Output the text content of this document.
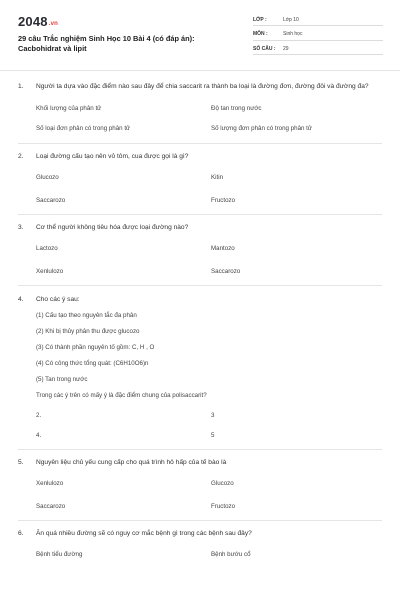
2048.vn
29 câu Trắc nghiệm Sinh Học 10 Bài 4 (có đáp án): Cacbohidrat và lipit
LỚP :	Lớp 10
MÔN :	Sinh học
SỐ CÂU :	29
1.	Người ta dựa vào đặc điểm nào sau đây để chia saccarit ra thành ba loại là đường đơn, đường đôi và đường đa?
Khối lượng của phân tử	Độ tan trong nước
Số loại đơn phân có trong phân tử	Số lượng đơn phân có trong phân tử
2.	Loại đường cấu tạo nên vỏ tôm, cua được gọi là gì?
Glucozo	Kitin
Saccarozo	Fructozo
3.	Cơ thể người không tiêu hóa được loại đường nào?
Lactozo	Mantozo
Xenlulozo	Saccarozo
4.	Cho các ý sau:
(1) Cấu tạo theo nguyên tắc đa phân
(2) Khi bị thủy phân thu được glucozo
(3) Có thành phần nguyên tố gồm: C, H , O
(4) Có công thức tổng quát: (C6H10O6)n
(5) Tan trong nước
Trong các ý trên có mấy ý là đặc điểm chung của polisaccarit?
2.	3
4.	5
5.	Nguyên liệu chủ yếu cung cấp cho quá trình hô hấp của tế bào là
Xenlulozo	Glucozo
Saccarozo	Fructozo
6.	Ăn quá nhiều đường sẽ có nguy cơ mắc bệnh gì trong các bệnh sau đây?
Bệnh tiểu đường	Bệnh bướu cổ
